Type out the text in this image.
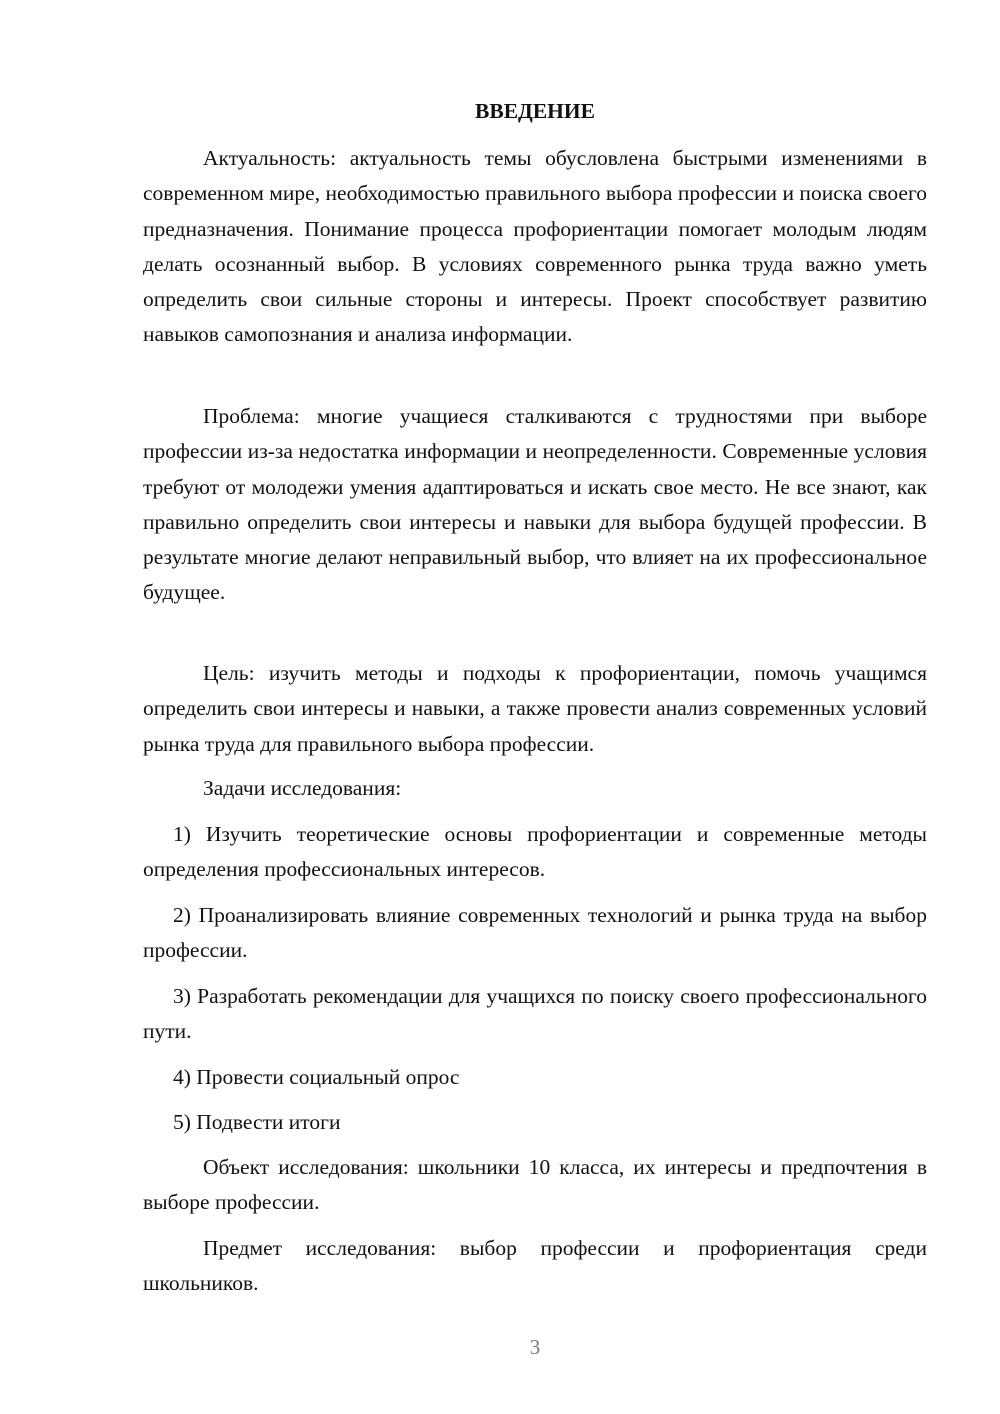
ВВЕДЕНИЕ

Актуальность: актуальность темы обусловлена быстрыми изменениями в современном мире, необходимостью правильного выбора профессии и поиска своего предназначения. Понимание процесса профориентации помогает молодым людям делать осознанный выбор. В условиях современного рынка труда важно уметь определить свои сильные стороны и интересы. Проект способствует развитию навыков самопознания и анализа информации.

Проблема: многие учащиеся сталкиваются с трудностями при выборе профессии из-за недостатка информации и неопределенности. Современные условия требуют от молодежи умения адаптироваться и искать свое место. Не все знают, как правильно определить свои интересы и навыки для выбора будущей профессии. В результате многие делают неправильный выбор, что влияет на их профессиональное будущее.

Цель: изучить методы и подходы к профориентации, помочь учащимся определить свои интересы и навыки, а также провести анализ современных условий рынка труда для правильного выбора профессии.

Задачи исследования:

1) Изучить теоретические основы профориентации и современные методы определения профессиональных интересов.

2) Проанализировать влияние современных технологий и рынка труда на выбор профессии.

3) Разработать рекомендации для учащихся по поиску своего профессионального пути.

4) Провести социальный опрос

5) Подвести итоги

Объект исследования: школьники 10 класса, их интересы и предпочтения в выборе профессии.

Предмет исследования: выбор профессии и профориентация среди школьников.

3
